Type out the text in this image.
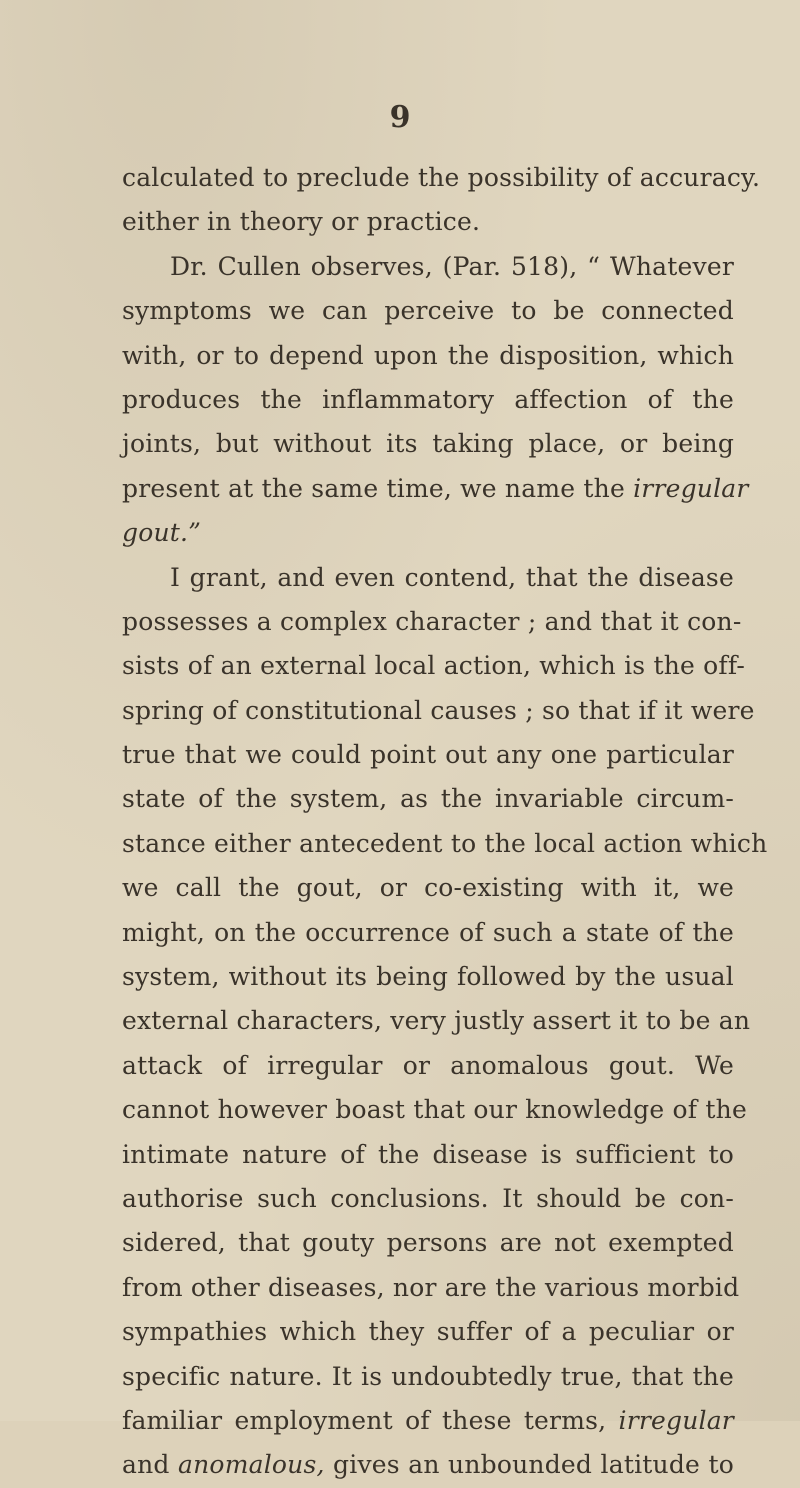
9
calculated to preclude the possibility of accuracy.
either in theory or practice.
Dr. Cullen observes, (Par. 518), “ Whatever
symptoms we can perceive to be connected
with, or to depend upon the disposition, which
produces the inflammatory affection of the
joints, but without its taking place, or being
present at the same time, we name the irregular
gout.”
I grant, and even contend, that the disease
possesses a complex character ; and that it con-
sists of an external local action, which is the off-
spring of constitutional causes ; so that if it were
true that we could point out any one particular
state of the system, as the invariable circum-
stance either antecedent to the local action which
we call the gout, or co-existing with it, we
might, on the occurrence of such a state of the
system, without its being followed by the usual
external characters, very justly assert it to be an
attack of irregular or anomalous gout. We
cannot however boast that our knowledge of the
intimate nature of the disease is sufficient to
authorise such conclusions. It should be con-
sidered, that gouty persons are not exempted
from other diseases, nor are the various morbid
sympathies which they suffer of a peculiar or
specific nature. It is undoubtedly true, that the
familiar employment of these terms, irregular
and anomalous, gives an unbounded latitude to
